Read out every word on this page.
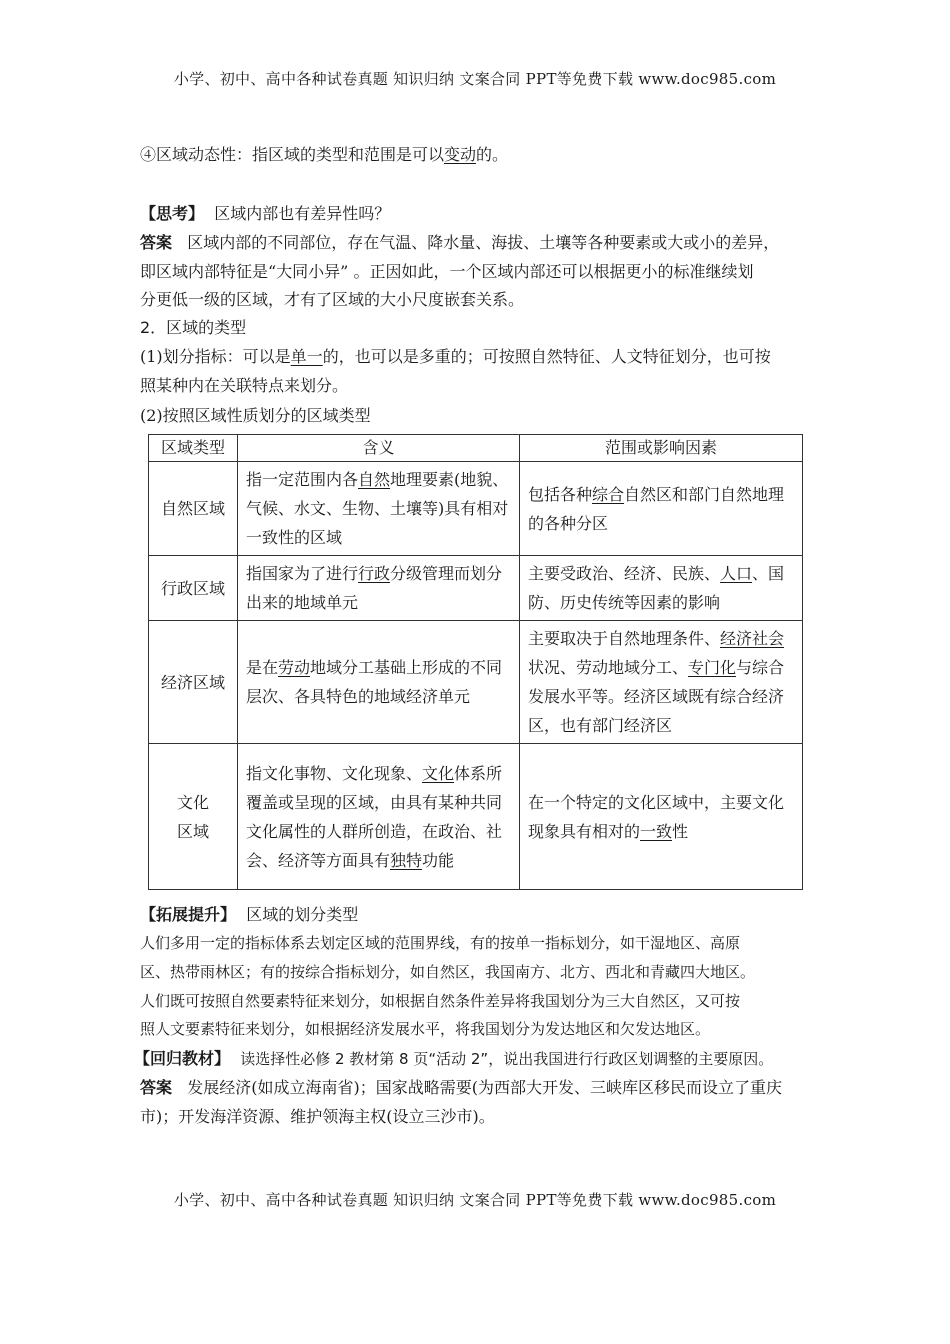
小学、初中、高中各种试卷真题 知识归纳 文案合同 PPT等免费下载 www.doc985.com
④区域动态性：指区域的类型和范围是可以变动的。
【思考】 区域内部也有差异性吗？
答案 区域内部的不同部位，存在气温、降水量、海拔、土壤等各种要素或大或小的差异，
即区域内部特征是“大同小异” 。正因如此，一个区域内部还可以根据更小的标准继续划
分更低一级的区域，才有了区域的大小尺度嵌套关系。
2．区域的类型
(1)划分指标：可以是单一的，也可以是多重的；可按照自然特征、人文特征划分，也可按
照某种内在关联特点来划分。
(2)按照区域性质划分的区域类型
区域类型	含义	范围或影响因素
自然区域	指一定范围内各自然地理要素(地貌、气候、水文、生物、土壤等)具有相对一致性的区域	包括各种综合自然区和部门自然地理的各种分区
行政区域	指国家为了进行行政分级管理而划分出来的地域单元	主要受政治、经济、民族、人口、国防、历史传统等因素的影响
经济区域	是在劳动地域分工基础上形成的不同层次、各具特色的地域经济单元	主要取决于自然地理条件、经济社会状况、劳动地域分工、专门化与综合发展水平等。经济区域既有综合经济区，也有部门经济区
文化
区域	指文化事物、文化现象、文化体系所覆盖或呈现的区域，由具有某种共同文化属性的人群所创造，在政治、社会、经济等方面具有独特功能	在一个特定的文化区域中，主要文化现象具有相对的一致性
【拓展提升】 区域的划分类型
人们多用一定的指标体系去划定区域的范围界线，有的按单一指标划分，如干湿地区、高原
区、热带雨林区；有的按综合指标划分，如自然区，我国南方、北方、西北和青藏四大地区。
人们既可按照自然要素特征来划分，如根据自然条件差异将我国划分为三大自然区，又可按
照人文要素特征来划分，如根据经济发展水平，将我国划分为发达地区和欠发达地区。
【回归教材】 读选择性必修 2 教材第 8 页“活动 2”，说出我国进行行政区划调整的主要原因。
答案 发展经济(如成立海南省)；国家战略需要(为西部大开发、三峡库区移民而设立了重庆
市)；开发海洋资源、维护领海主权(设立三沙市)。
小学、初中、高中各种试卷真题 知识归纳 文案合同 PPT等免费下载 www.doc985.com
